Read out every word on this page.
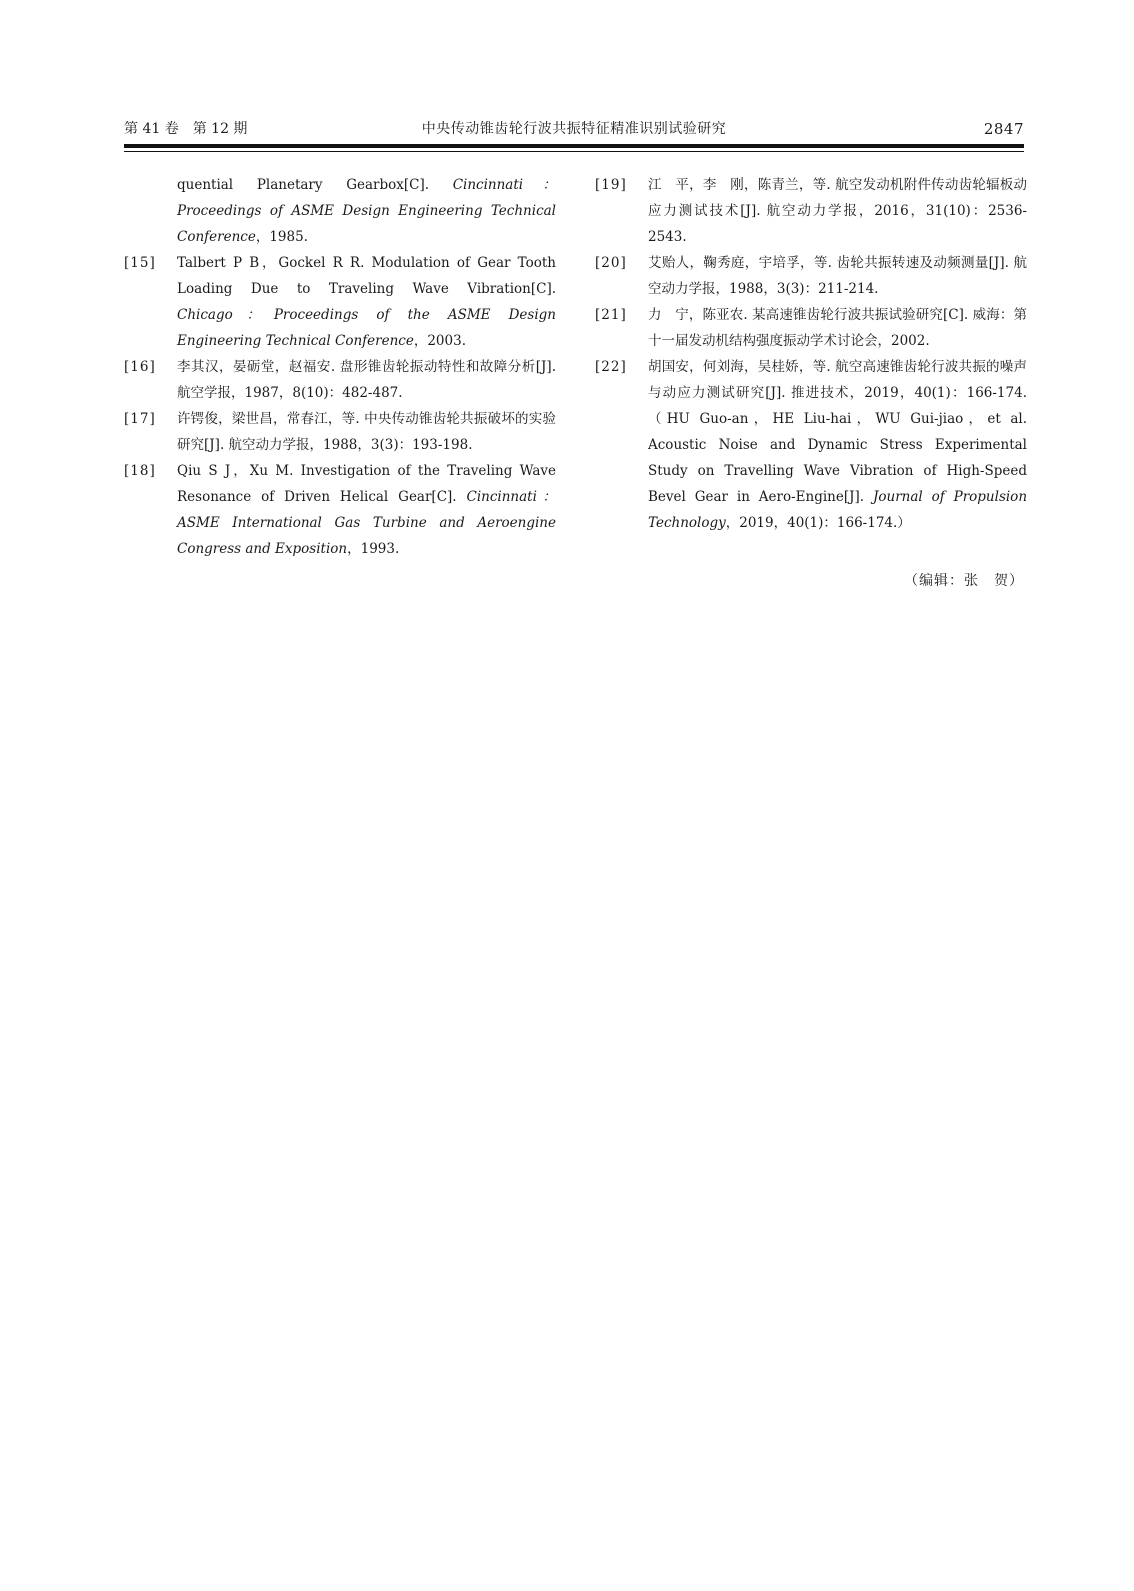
第 41 卷　第 12 期	中央传动锥齿轮行波共振特征精准识别试验研究	2847
quential Planetary Gearbox[C]. Cincinnati：Proceedings of ASME Design Engineering Technical Conference，1985.
[15]	Talbert P B，Gockel R R. Modulation of Gear Tooth Loading Due to Traveling Wave Vibration[C]. Chicago：Proceedings of the ASME Design Engineering Technical Conference，2003.
[16]	李其汉，晏砺堂，赵福安. 盘形锥齿轮振动特性和故障分析[J]. 航空学报，1987，8(10)：482-487.
[17]	许锷俊，梁世昌，常春江，等. 中央传动锥齿轮共振破坏的实验研究[J]. 航空动力学报，1988，3(3)：193-198.
[18]	Qiu S J，Xu M. Investigation of the Traveling Wave Resonance of Driven Helical Gear[C]. Cincinnati：ASME International Gas Turbine and Aeroengine Congress and Exposition，1993.
[19]	江　平，李　刚，陈青兰，等. 航空发动机附件传动齿轮辐板动应力测试技术[J]. 航空动力学报，2016，31(10)：2536-2543.
[20]	艾贻人，鞠秀庭，宇培孚，等. 齿轮共振转速及动频测量[J]. 航空动力学报，1988，3(3)：211-214.
[21]	力　宁，陈亚农. 某高速锥齿轮行波共振试验研究[C]. 威海：第十一届发动机结构强度振动学术讨论会，2002.
[22]	胡国安，何刘海，吴桂娇，等. 航空高速锥齿轮行波共振的噪声与动应力测试研究[J]. 推进技术，2019，40(1)：166-174.（HU Guo-an，HE Liu-hai，WU Gui-jiao，et al. Acoustic Noise and Dynamic Stress Experimental Study on Travelling Wave Vibration of High-Speed Bevel Gear in Aero-Engine[J]. Journal of Propulsion Technology，2019，40(1)：166-174.）
（编辑：张　贺）
